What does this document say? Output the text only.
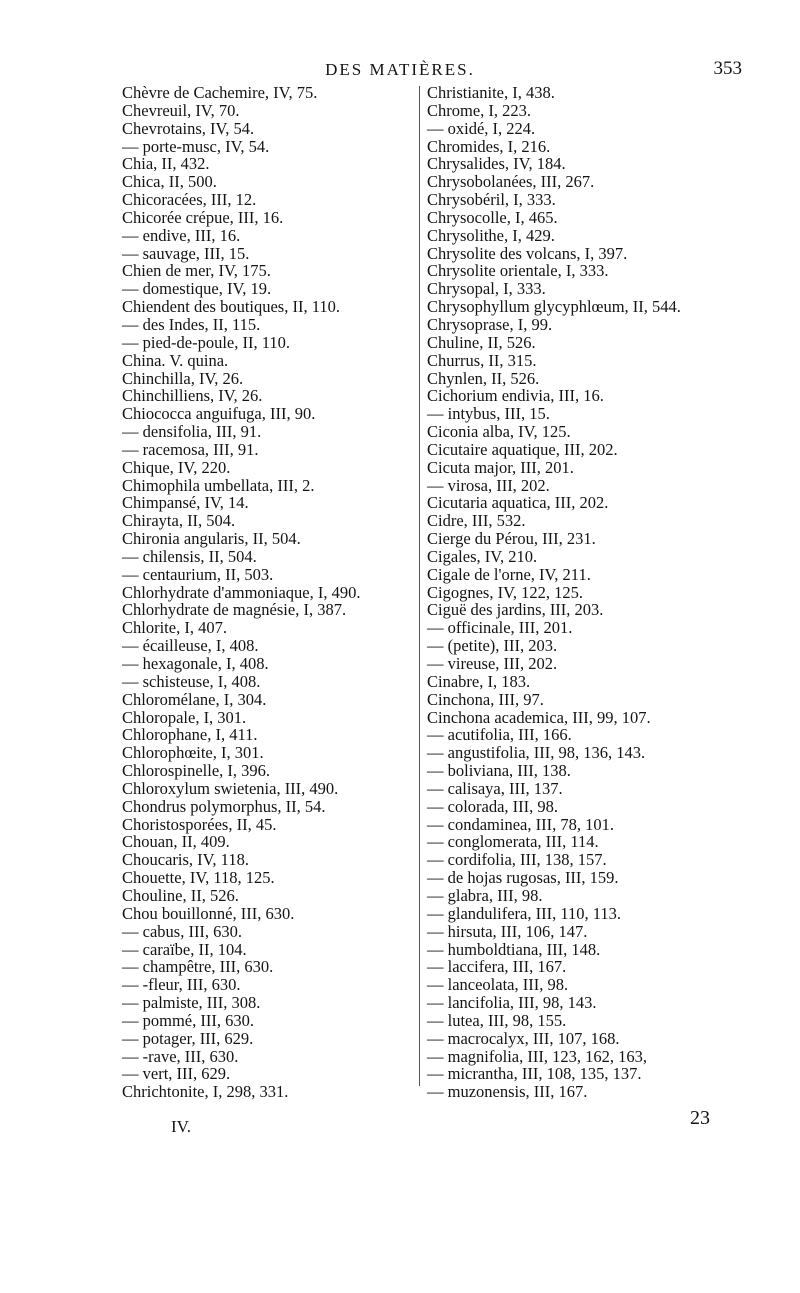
DES MATIÈRES.	353
Chèvre de Cachemire, IV, 75.
Chevreuil, IV, 70.
Chevrotains, IV, 54.
— porte-musc, IV, 54.
Chia, II, 432.
Chica, II, 500.
Chicoracées, III, 12.
Chicorée crépue, III, 16.
— endive, III, 16.
— sauvage, III, 15.
Chien de mer, IV, 175.
— domestique, IV, 19.
Chiendent des boutiques, II, 110.
— des Indes, II, 115.
— pied-de-poule, II, 110.
China. V. quina.
Chinchilla, IV, 26.
Chinchilliens, IV, 26.
Chiococca anguifuga, III, 90.
— densifolia, III, 91.
— racemosa, III, 91.
Chique, IV, 220.
Chimophila umbellata, III, 2.
Chimpansé, IV, 14.
Chirayta, II, 504.
Chironia angularis, II, 504.
— chilensis, II, 504.
— centaurium, II, 503.
Chlorhydrate d'ammoniaque, I, 490.
Chlorhydrate de magnésie, I, 387.
Chlorite, I, 407.
— écailleuse, I, 408.
— hexagonale, I, 408.
— schisteuse, I, 408.
Chloromélane, I, 304.
Chloropale, I, 301.
Chlorophane, I, 411.
Chlorophœite, I, 301.
Chlorospinelle, I, 396.
Chloroxylum swietenia, III, 490.
Chondrus polymorphus, II, 54.
Choristosporées, II, 45.
Chouan, II, 409.
Choucaris, IV, 118.
Chouette, IV, 118, 125.
Chouline, II, 526.
Chou bouillonné, III, 630.
— cabus, III, 630.
— caraïbe, II, 104.
— champêtre, III, 630.
— -fleur, III, 630.
— palmiste, III, 308.
— pommé, III, 630.
— potager, III, 629.
— -rave, III, 630.
— vert, III, 629.
Chrichtonite, I, 298, 331.
Christianite, I, 438.
Chrome, I, 223.
— oxidé, I, 224.
Chromides, I, 216.
Chrysalides, IV, 184.
Chrysobolanées, III, 267.
Chrysobéril, I, 333.
Chrysocolle, I, 465.
Chrysolithe, I, 429.
Chrysolite des volcans, I, 397.
Chrysolite orientale, I, 333.
Chrysopal, I, 333.
Chrysophyllum glycyphlœum, II, 544.
Chrysoprase, I, 99.
Chuline, II, 526.
Churrus, II, 315.
Chynlen, II, 526.
Cichorium endivia, III, 16.
— intybus, III, 15.
Ciconia alba, IV, 125.
Cicutaire aquatique, III, 202.
Cicuta major, III, 201.
— virosa, III, 202.
Cicutaria aquatica, III, 202.
Cidre, III, 532.
Cierge du Pérou, III, 231.
Cigales, IV, 210.
Cigale de l'orne, IV, 211.
Cigognes, IV, 122, 125.
Ciguë des jardins, III, 203.
— officinale, III, 201.
— (petite), III, 203.
— vireuse, III, 202.
Cinabre, I, 183.
Cinchona, III, 97.
Cinchona academica, III, 99, 107.
— acutifolia, III, 166.
— angustifolia, III, 98, 136, 143.
— boliviana, III, 138.
— calisaya, III, 137.
— colorada, III, 98.
— condaminea, III, 78, 101.
— conglomerata, III, 114.
— cordifolia, III, 138, 157.
— de hojas rugosas, III, 159.
— glabra, III, 98.
— glandulifera, III, 110, 113.
— hirsuta, III, 106, 147.
— humboldtiana, III, 148.
— laccifera, III, 167.
— lanceolata, III, 98.
— lancifolia, III, 98, 143.
— lutea, III, 98, 155.
— macrocalyx, III, 107, 168.
— magnifolia, III, 123, 162, 163,
— micrantha, III, 108, 135, 137.
— muzonensis, III, 167.
IV.	23
